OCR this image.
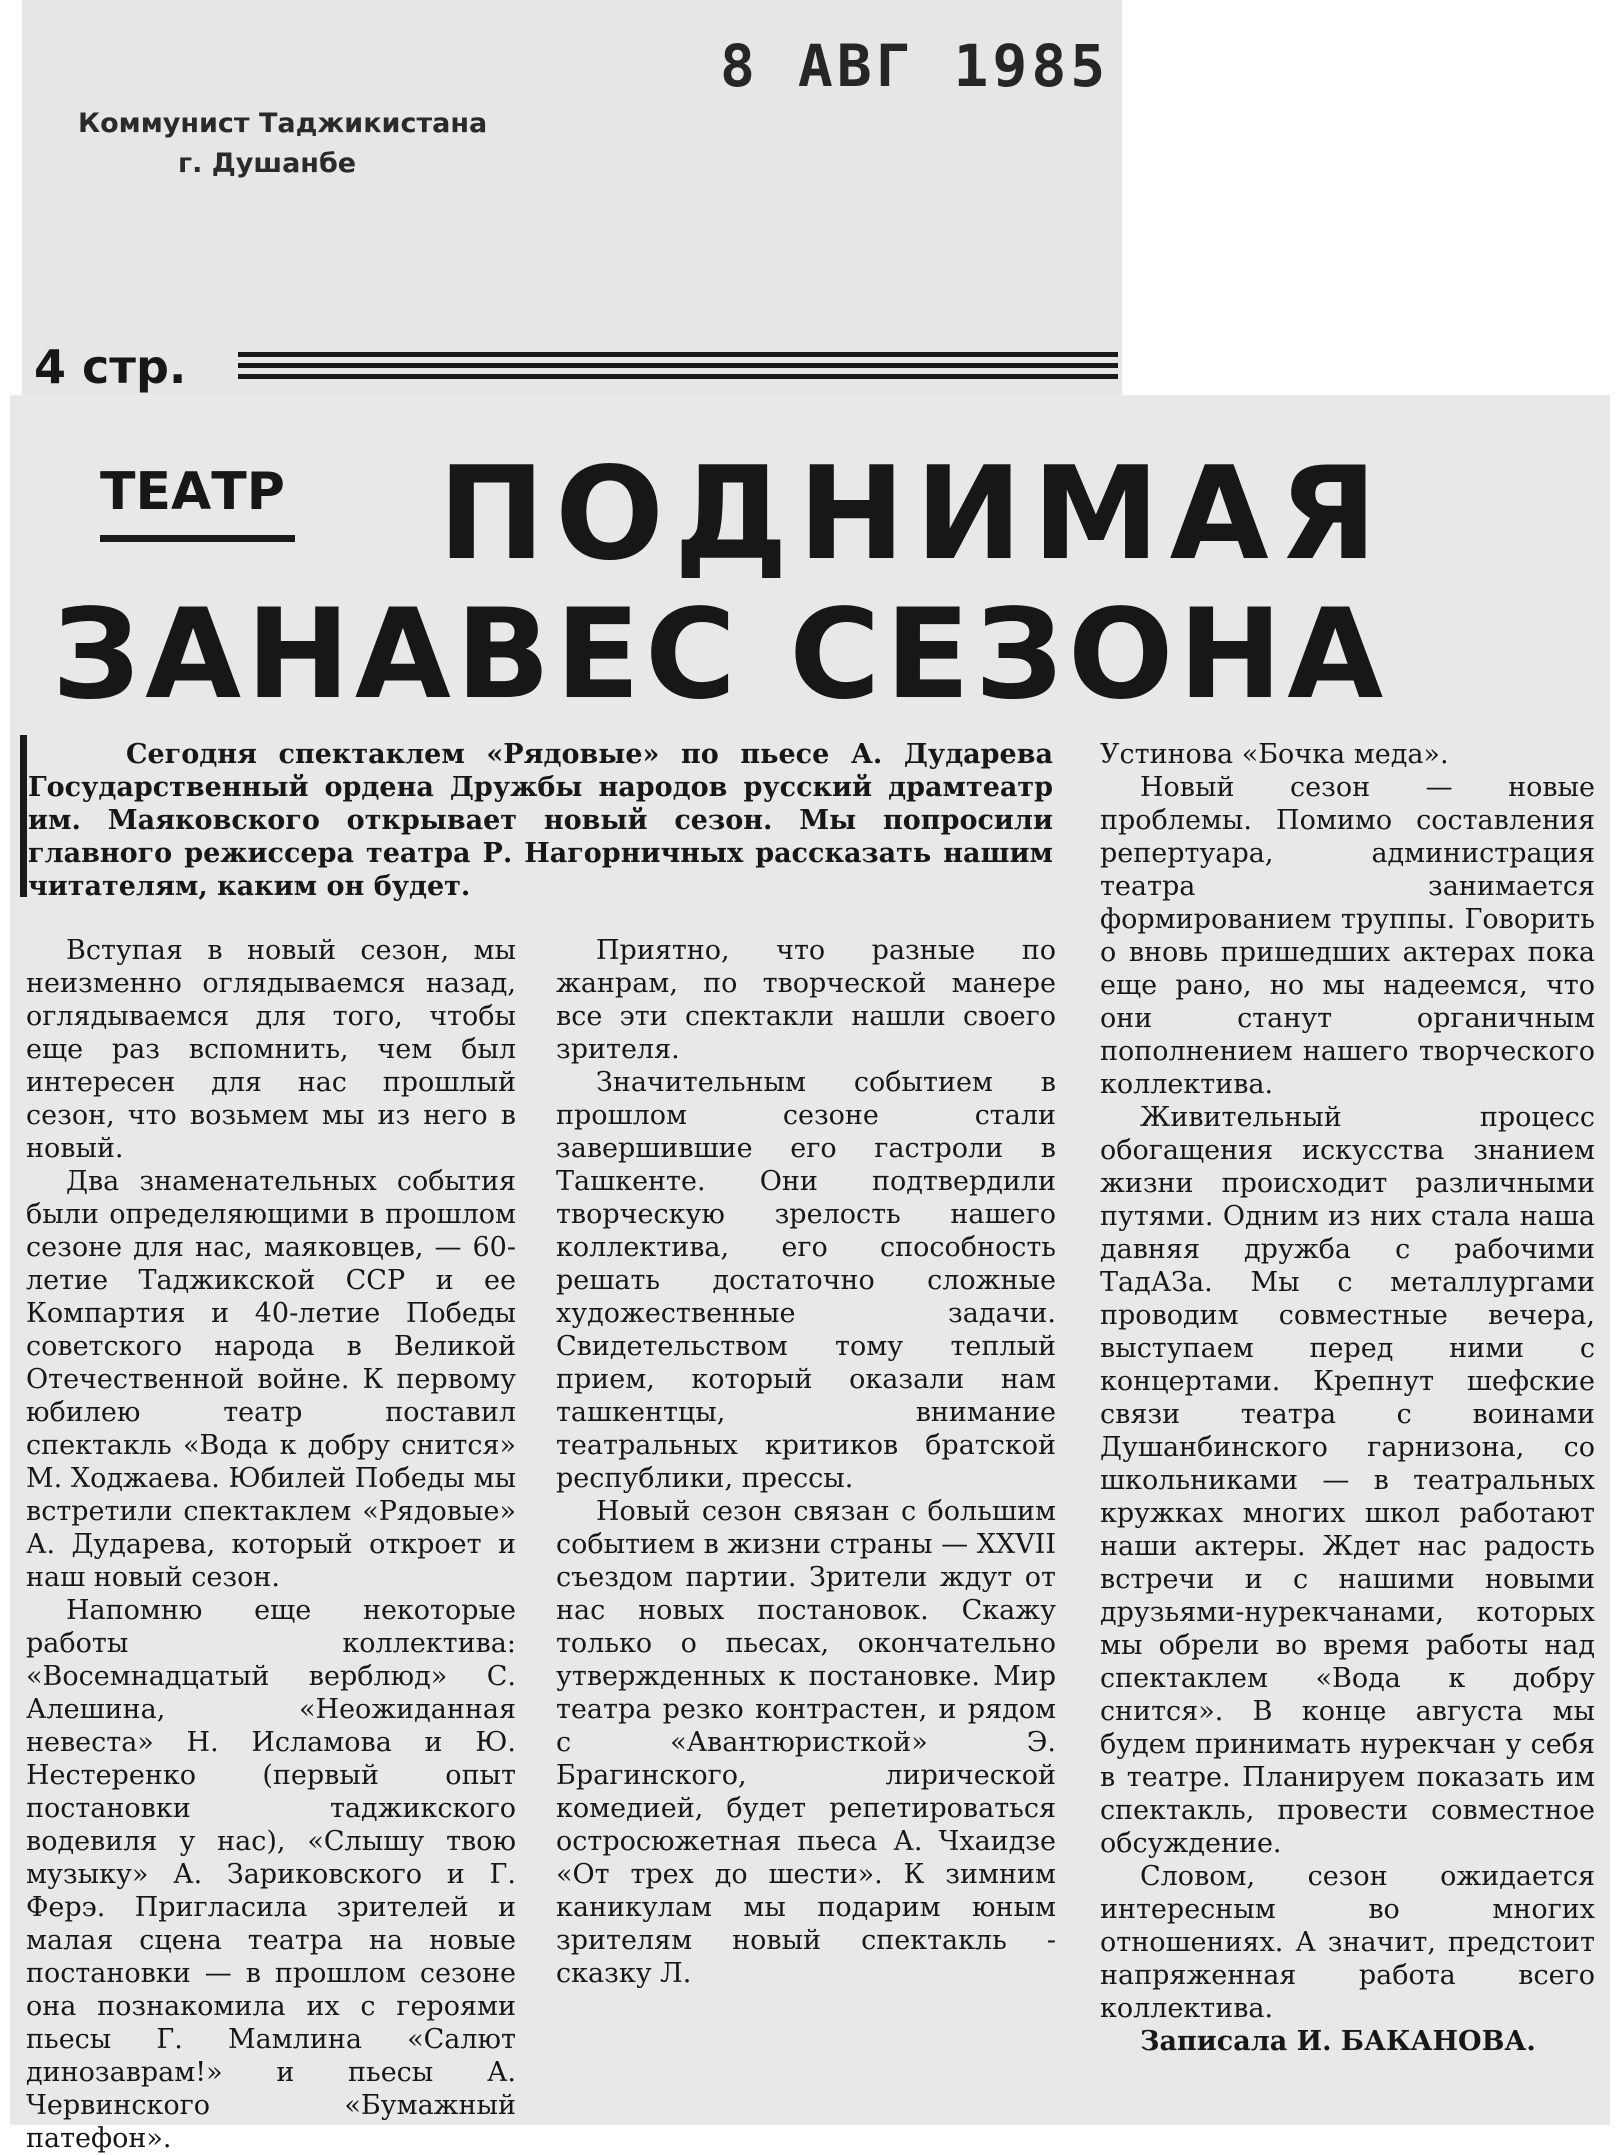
8 АВГ 1985
Коммунист Таджикистана
г. Душанбе
4 стр.
ТЕАТР ПОДНИМАЯ
ЗАНАВЕС СЕЗОНА

Сегодня спектаклем «Рядовые» по пьесе А. Дударева Государственный ордена Дружбы народов русский драмтеатр им. Маяковского открывает новый сезон. Мы попросили главного режиссера театра Р. Нагорничных рассказать нашим читателям, каким он будет.

Вступая в новый сезон, мы неизменно оглядываемся назад, оглядываемся для того, чтобы еще раз вспомнить, чем был интересен для нас прошлый сезон, что возьмем мы из него в новый.

Два знаменательных события были определяющими в прошлом сезоне для нас, маяковцев, — 60-летие Таджикской ССР и ее Компартия и 40-летие Победы советского народа в Великой Отечественной войне. К первому юбилею театр поставил спектакль «Вода к добру снится» М. Ходжаева. Юбилей Победы мы встретили спектаклем «Рядовые» А. Дударева, который откроет и наш новый сезон.

Напомню еще некоторые работы коллектива: «Восемнадцатый верблюд» С. Алешина, «Неожиданная невеста» Н. Исламова и Ю. Нестеренко (первый опыт постановки таджикского водевиля у нас), «Слышу твою музыку» А. Зариковского и Г. Ферэ. Пригласила зрителей и малая сцена театра на новые постановки — в прошлом сезоне она познакомила их с героями пьесы Г. Мамлина «Салют динозаврам!» и пьесы А. Червинского «Бумажный патефон».

Приятно, что разные по жанрам, по творческой манере все эти спектакли нашли своего зрителя.

Значительным событием в прошлом сезоне стали завершившие его гастроли в Ташкенте. Они подтвердили творческую зрелость нашего коллектива, его способность решать достаточно сложные художественные задачи. Свидетельством тому теплый прием, который оказали нам ташкентцы, внимание театральных критиков братской республики, прессы.

Новый сезон связан с большим событием в жизни страны — XXVII съездом партии. Зрители ждут от нас новых постановок. Скажу только о пьесах, окончательно утвержденных к постановке. Мир театра резко контрастен, и рядом с «Авантюристкой» Э. Брагинского, лирической комедией, будет репетироваться остросюжетная пьеса А. Чхаидзе «От трех до шести». К зимним каникулам мы подарим юным зрителям новый спектакль - сказку Л.

Устинова «Бочка меда».

Новый сезон — новые проблемы. Помимо составления репертуара, администрация театра занимается формированием труппы. Говорить о вновь пришедших актерах пока еще рано, но мы надеемся, что они станут органичным пополнением нашего творческого коллектива.

Живительный процесс обогащения искусства знанием жизни происходит различными путями. Одним из них стала наша давняя дружба с рабочими ТадАЗа. Мы с металлургами проводим совместные вечера, выступаем перед ними с концертами. Крепнут шефские связи театра с воинами Душанбинского гарнизона, со школьниками — в театральных кружках многих школ работают наши актеры. Ждет нас радость встречи и с нашими новыми друзьями-нурекчанами, которых мы обрели во время работы над спектаклем «Вода к добру снится». В конце августа мы будем принимать нурекчан у себя в театре. Планируем показать им спектакль, провести совместное обсуждение.

Словом, сезон ожидается интересным во многих отношениях. А значит, предстоит напряженная работа всего коллектива.

Записала И. БАКАНОВА.
